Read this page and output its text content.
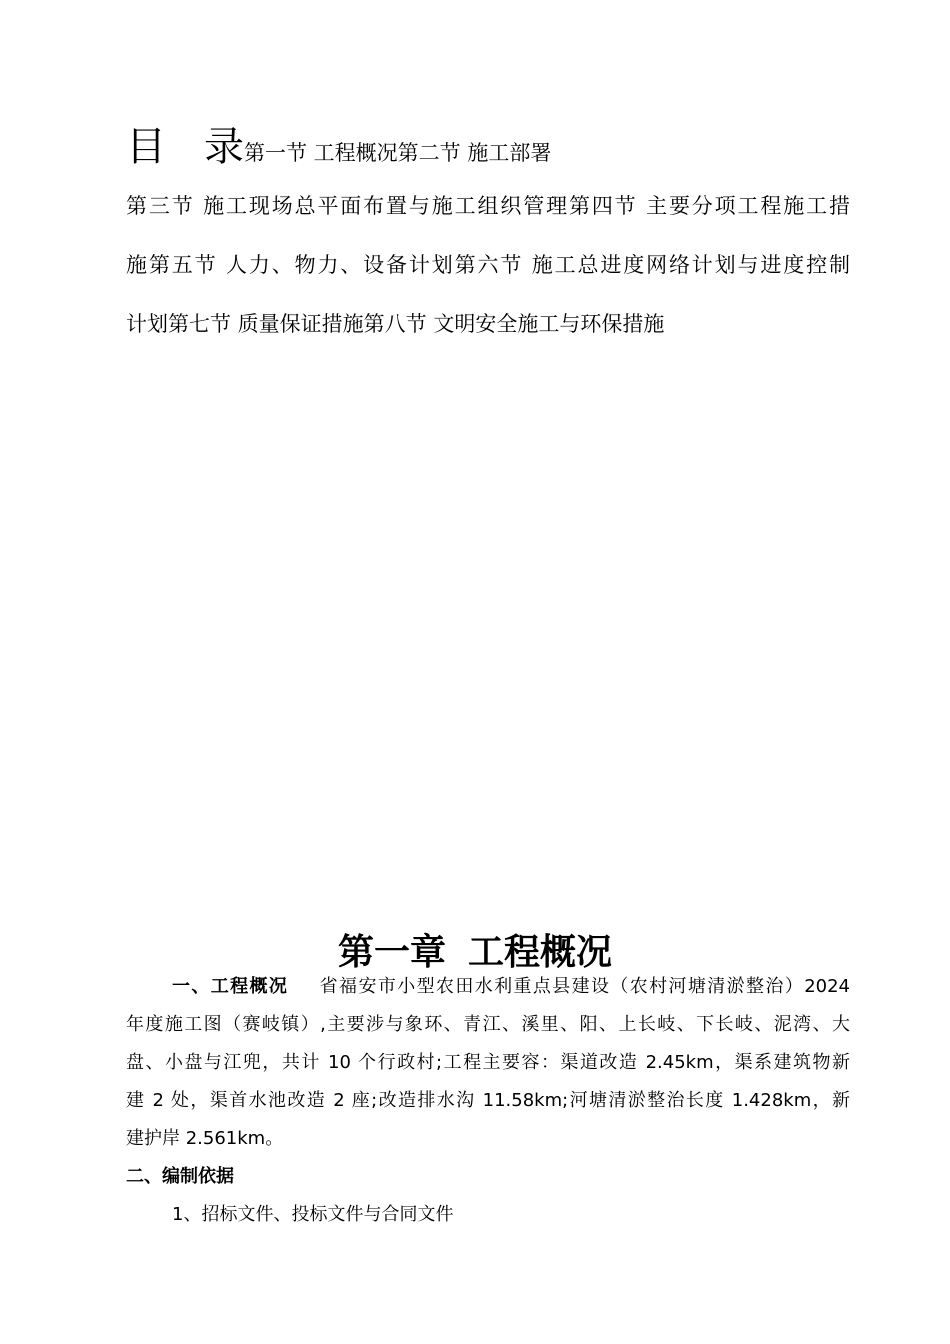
目 录第一节 工程概况第二节 施工部署
第三节 施工现场总平面布置与施工组织管理第四节 主要分项工程施工措
施第五节 人力、物力、设备计划第六节 施工总进度网络计划与进度控制
计划第七节 质量保证措施第八节 文明安全施工与环保措施
第一章 工程概况
一、工程概况 省福安市小型农田水利重点县建设（农村河塘清淤整治）2024
年度施工图（赛岐镇）,主要涉与象环、青江、溪里、阳、上长岐、下长岐、泥湾、大
盘、小盘与江兜，共计 10 个行政村;工程主要容：渠道改造 2.45km，渠系建筑物新
建 2 处，渠首水池改造 2 座;改造排水沟 11.58km;河塘清淤整治长度 1.428km，新
建护岸 2.561km。
二、编制依据
1、招标文件、投标文件与合同文件
